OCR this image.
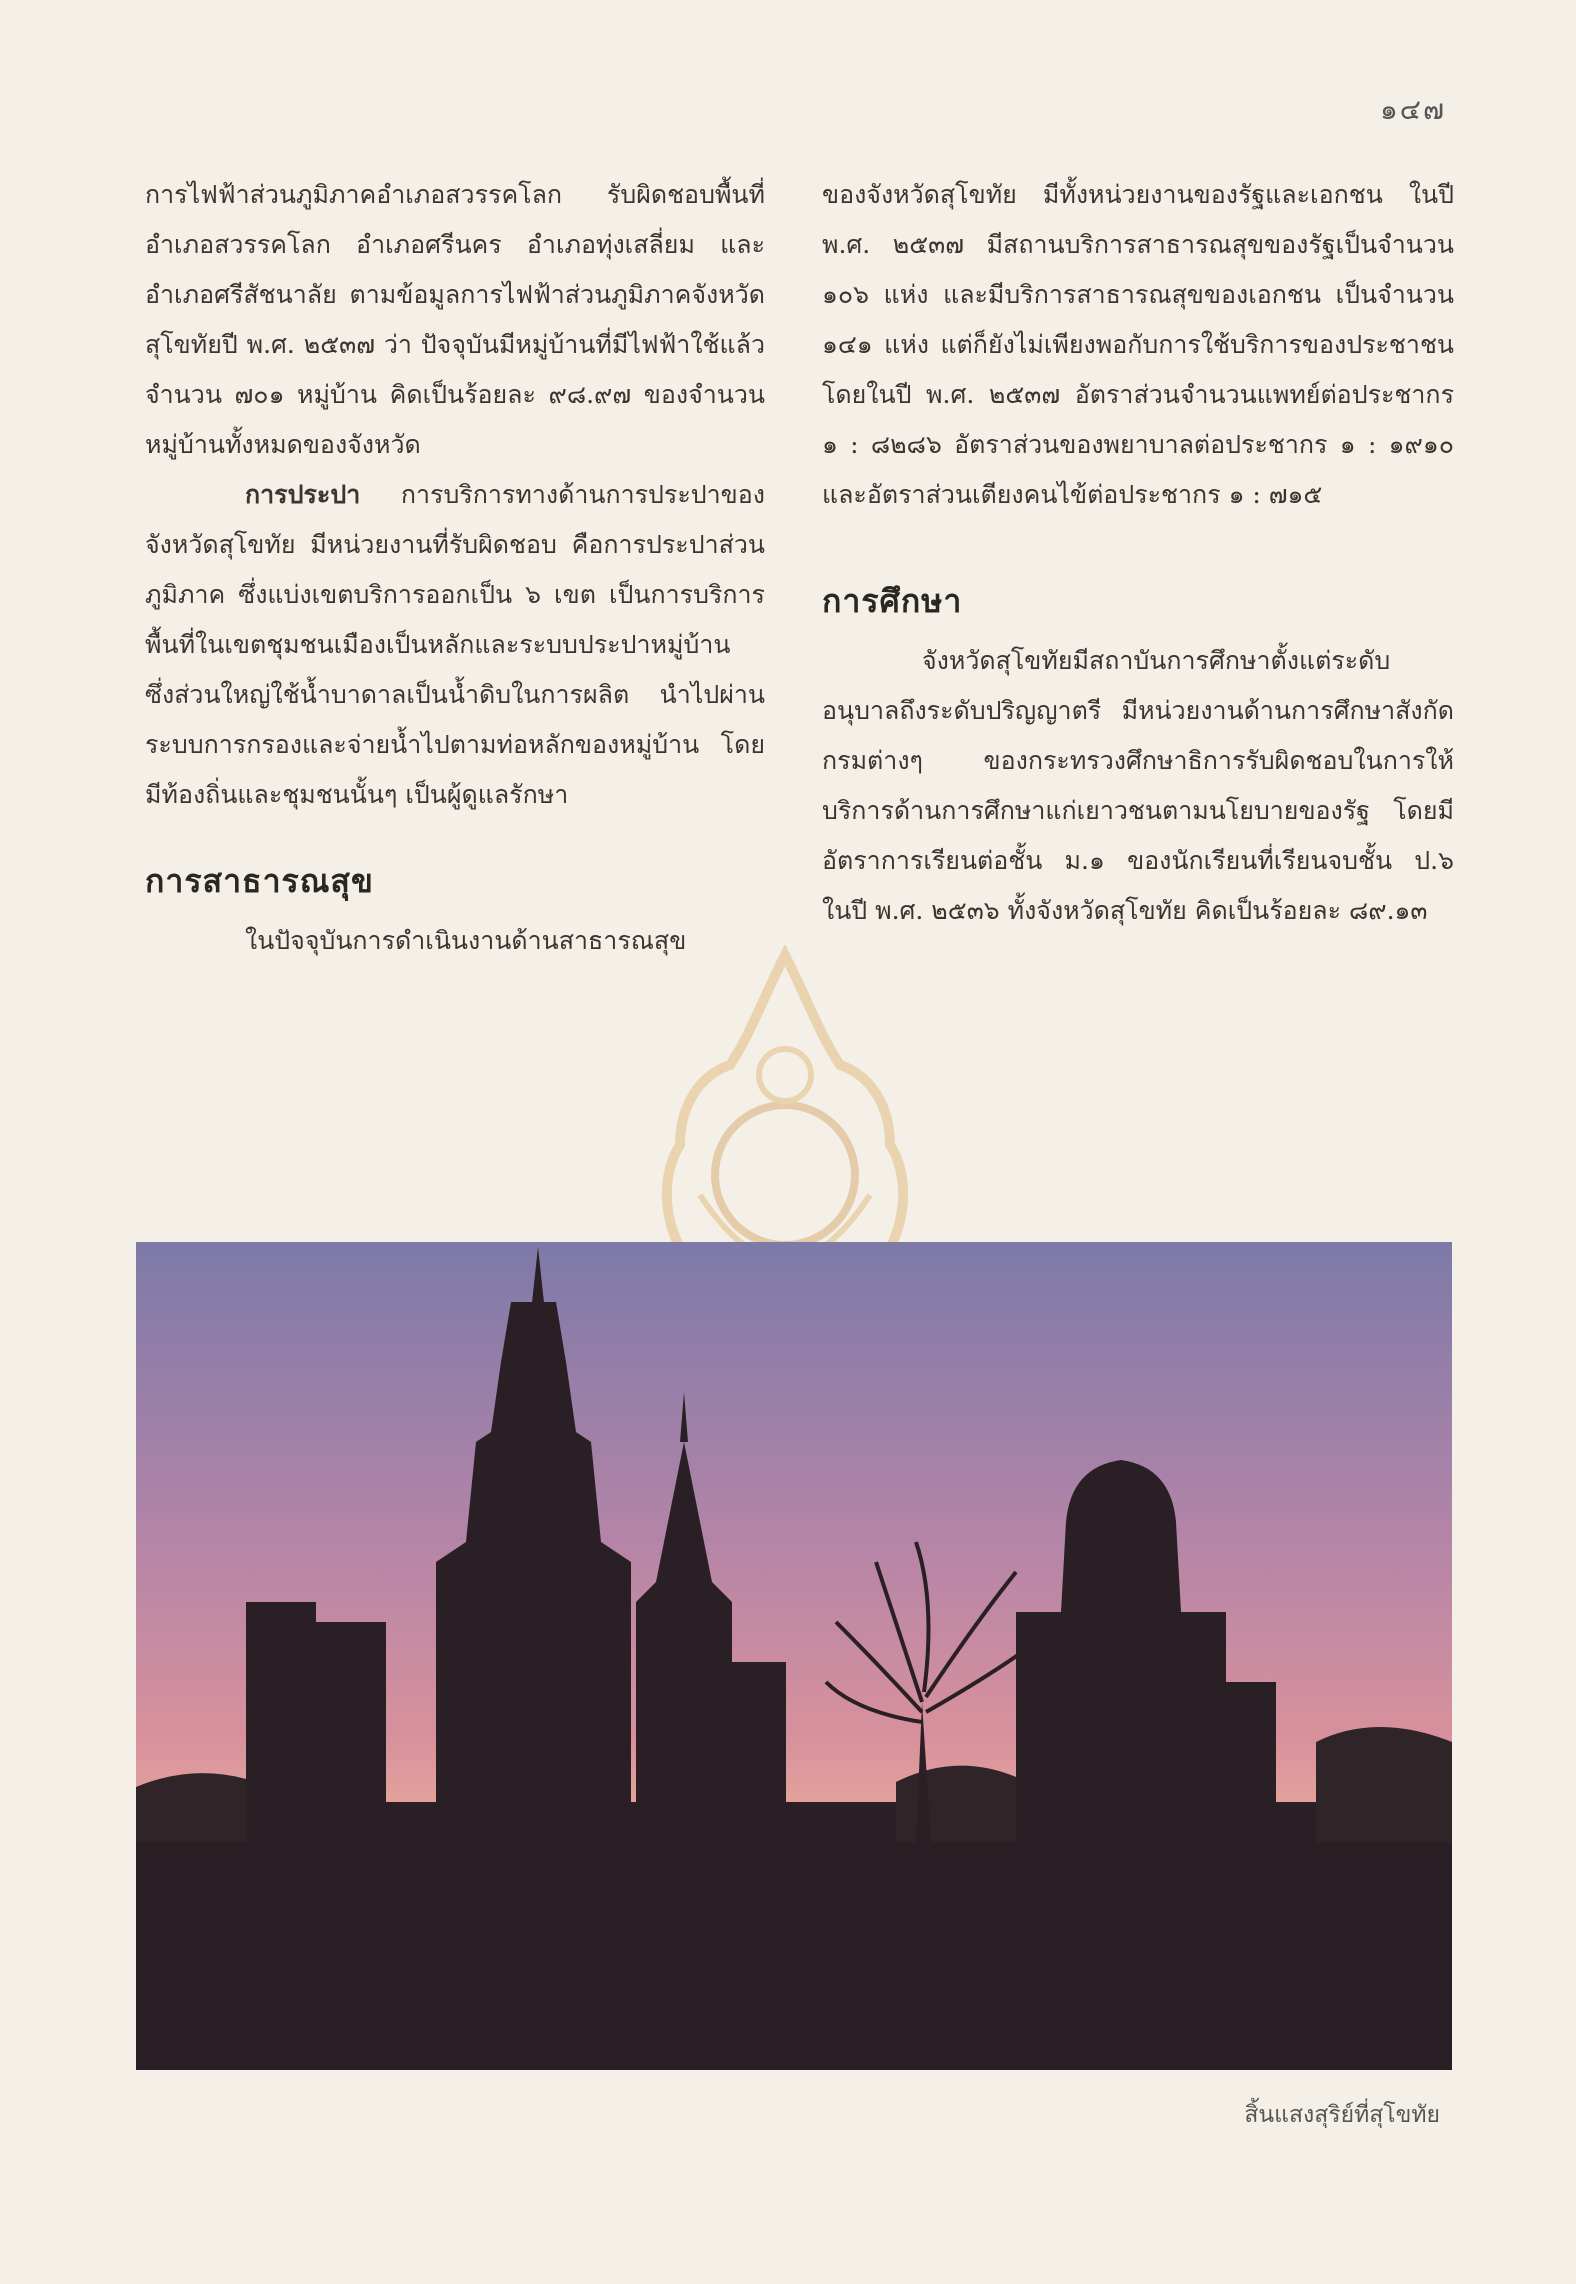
๑๔๗

การไฟฟ้าส่วนภูมิภาคอำเภอสวรรคโลก รับผิดชอบพื้นที่อำเภอสวรรคโลก อำเภอศรีนคร อำเภอทุ่งเสลี่ยม และอำเภอศรีสัชนาลัย ตามข้อมูลการไฟฟ้าส่วนภูมิภาคจังหวัดสุโขทัยปี พ.ศ. ๒๕๓๗ ว่า ปัจจุบันมีหมู่บ้านที่มีไฟฟ้าใช้แล้ว จำนวน ๗๐๑ หมู่บ้าน คิดเป็นร้อยละ ๙๘.๙๗ ของจำนวนหมู่บ้านทั้งหมดของจังหวัด

การประปา การบริการทางด้านการประปาของจังหวัดสุโขทัย มีหน่วยงานที่รับผิดชอบ คือการประปาส่วนภูมิภาค ซึ่งแบ่งเขตบริการออกเป็น ๖ เขต เป็นการบริการพื้นที่ในเขตชุมชนเมืองเป็นหลักและระบบประปาหมู่บ้าน ซึ่งส่วนใหญ่ใช้น้ำบาดาลเป็นน้ำดิบในการผลิต นำไปผ่านระบบการกรองและจ่ายน้ำไปตามท่อหลักของหมู่บ้าน โดยมีท้องถิ่นและชุมชนนั้นๆ เป็นผู้ดูแลรักษา

การสาธารณสุข

ในปัจจุบันการดำเนินงานด้านสาธารณสุข

ของจังหวัดสุโขทัย มีทั้งหน่วยงานของรัฐและเอกชน ในปี พ.ศ. ๒๕๓๗ มีสถานบริการสาธารณสุขของรัฐเป็นจำนวน ๑๐๖ แห่ง และมีบริการสาธารณสุขของเอกชน เป็นจำนวน ๑๔๑ แห่ง แต่ก็ยังไม่เพียงพอกับการใช้บริการของประชาชน โดยในปี พ.ศ. ๒๕๓๗ อัตราส่วนจำนวนแพทย์ต่อประชากร ๑ : ๘๒๘๖ อัตราส่วนของพยาบาลต่อประชากร ๑ : ๑๙๑๐ และอัตราส่วนเตียงคนไข้ต่อประชากร ๑ : ๗๑๕

การศึกษา

จังหวัดสุโขทัยมีสถาบันการศึกษาตั้งแต่ระดับอนุบาลถึงระดับปริญญาตรี มีหน่วยงานด้านการศึกษาสังกัดกรมต่างๆ ของกระทรวงศึกษาธิการรับผิดชอบในการให้บริการด้านการศึกษาแก่เยาวชนตามนโยบายของรัฐ โดยมีอัตราการเรียนต่อชั้น ม.๑ ของนักเรียนที่เรียนจบชั้น ป.๖ ในปี พ.ศ. ๒๕๓๖ ทั้งจังหวัดสุโขทัย คิดเป็นร้อยละ ๘๙.๑๓

สิ้นแสงสุริย์ที่สุโขทัย
